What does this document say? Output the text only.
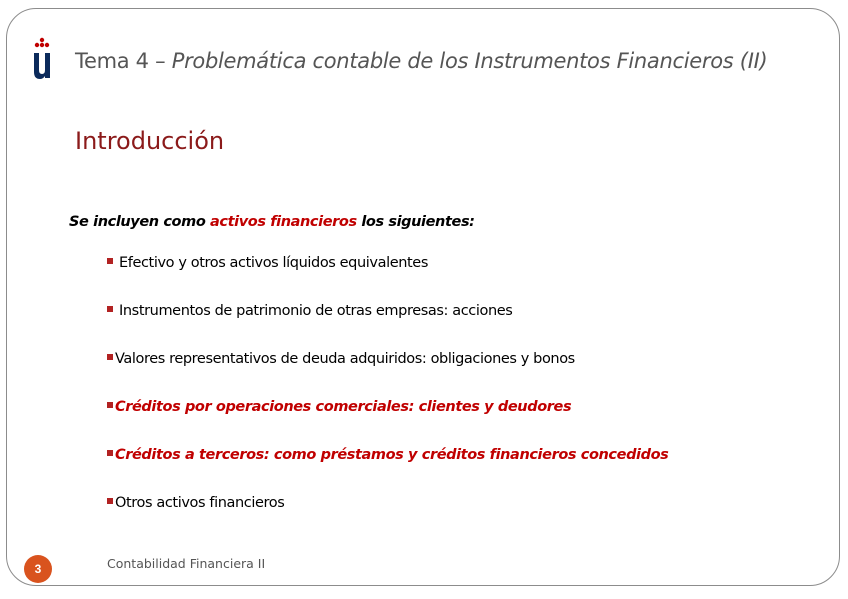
Tema 4 – Problemática contable de los Instrumentos Financieros (II)
Introducción
Se incluyen como activos financieros los siguientes:
Efectivo y otros activos líquidos equivalentes
Instrumentos de patrimonio de otras empresas: acciones
Valores representativos de deuda adquiridos: obligaciones y bonos
Créditos por operaciones comerciales: clientes y deudores
Créditos a terceros: como préstamos y créditos financieros concedidos
Otros activos financieros
3	Contabilidad Financiera II
